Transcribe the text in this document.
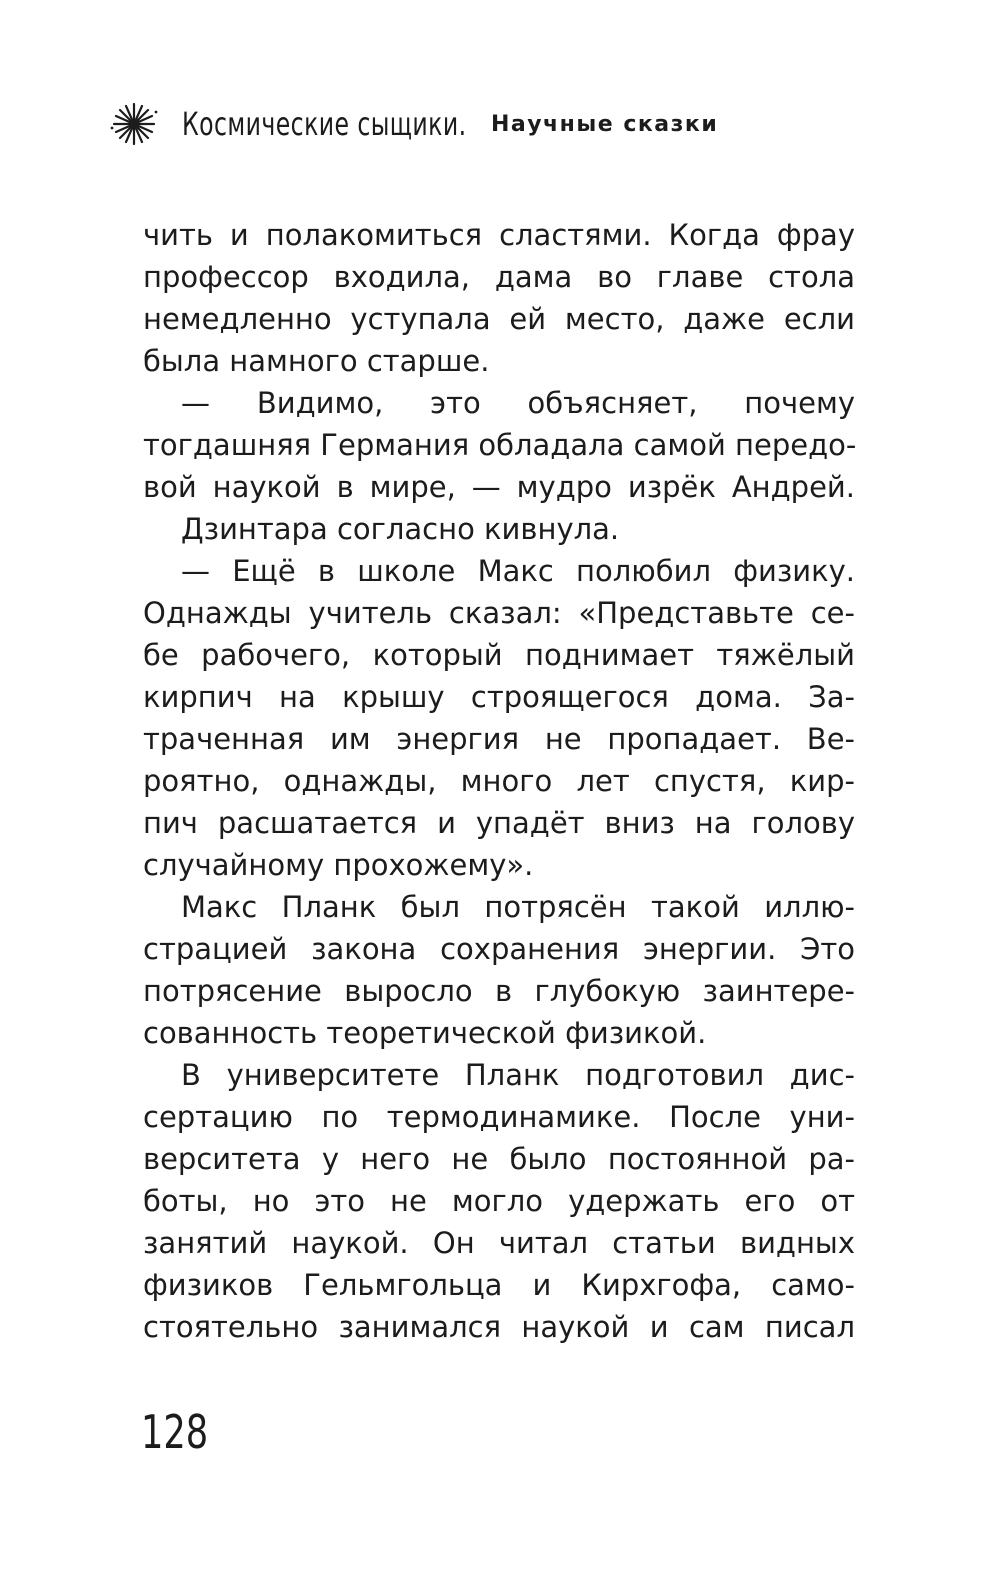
Космические сыщики. Научные сказки
чить и полакомиться сластями. Когда фрау
профессор входила, дама во главе стола
немедленно уступала ей место, даже если
была намного старше.
— Видимо, это объясняет, почему
тогдашняя Германия обладала самой передо-
вой наукой в мире, — мудро изрёк Андрей.
Дзинтара согласно кивнула.
— Ещё в школе Макс полюбил физику.
Однажды учитель сказал: «Представьте се-
бе рабочего, который поднимает тяжёлый
кирпич на крышу строящегося дома. За-
траченная им энергия не пропадает. Ве-
роятно, однажды, много лет спустя, кир-
пич расшатается и упадёт вниз на голову
случайному прохожему».
Макс Планк был потрясён такой иллю-
страцией закона сохранения энергии. Это
потрясение выросло в глубокую заинтере-
сованность теоретической физикой.
В университете Планк подготовил дис-
сертацию по термодинамике. После уни-
верситета у него не было постоянной ра-
боты, но это не могло удержать его от
занятий наукой. Он читал статьи видных
физиков Гельмгольца и Кирхгофа, само-
стоятельно занимался наукой и сам писал
128
